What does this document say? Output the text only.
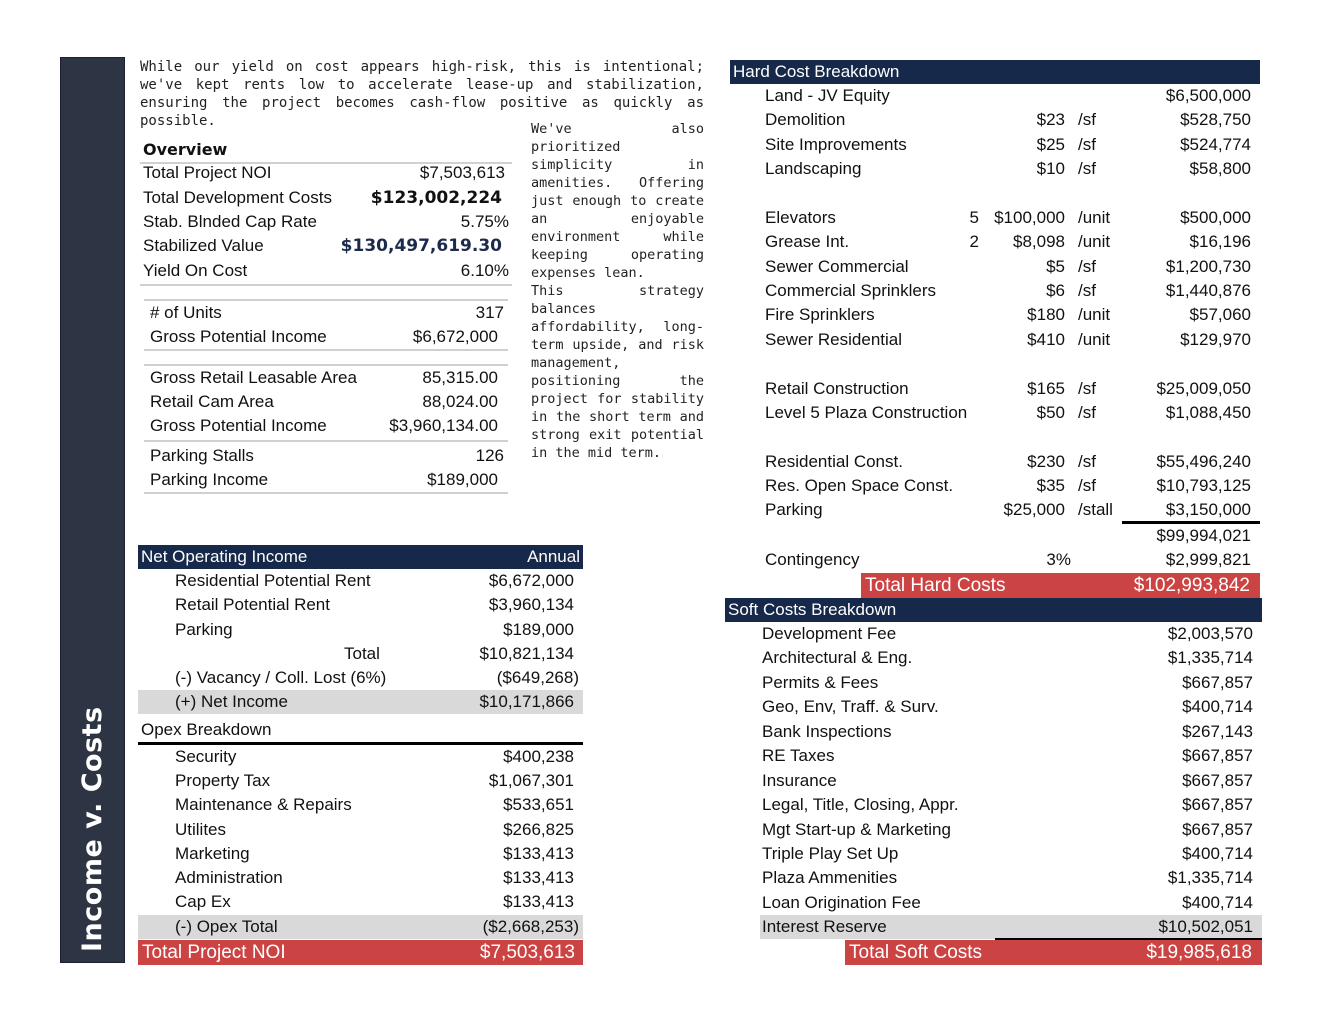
Income v. Costs
While our yield on cost appears high-risk, this is intentional; we've kept rents low to accelerate lease-up and stabilization, ensuring the project becomes cash-flow positive as quickly as possible.	We've also prioritized simplicity in amenities. Offering just enough to create an enjoyable environment while keeping operating expenses lean.
This strategy balances affordability, long-term upside, and risk management, positioning the project for stability in the short term and strong exit potential in the mid term.
Overview
Total Project NOI	$7,503,613
Total Development Costs $123,002,224
Stab. Blnded Cap Rate	5.75%
Stabilized Value	$130,497,619.30
Yield On Cost	6.10%
# of Units	317
Gross Potential Income	$6,672,000
Gross Retail Leasable Area	85,315.00
Retail Cam Area	88,024.00
Gross Potential Income	$3,960,134.00
Parking Stalls	126
Parking Income	$189,000
Net Operating Income	Annual
Residential Potential Rent	$6,672,000
Retail Potential Rent	$3,960,134
Parking	$189,000
Total	$10,821,134
(-) Vacancy / Coll. Lost (6%)	($649,268)
(+) Net Income	$10,171,866
Opex Breakdown
Security	$400,238
Property Tax	$1,067,301
Maintenance & Repairs	$533,651
Utilites	$266,825
Marketing	$133,413
Administration	$133,413
Cap Ex	$133,413
(-) Opex Total	($2,668,253)
Total Project NOI	$7,503,613
Hard Cost Breakdown
Land - JV Equity	$6,500,000
Demolition	$23 /sf	$528,750
Site Improvements	$25 /sf	$524,774
Landscaping	$10 /sf	$58,800
Elevators	5 $100,000 /unit	$500,000
Grease Int.	2 $8,098 /unit	$16,196
Sewer Commercial	$5 /sf	$1,200,730
Commercial Sprinklers	$6 /sf	$1,440,876
Fire Sprinklers	$180 /unit	$57,060
Sewer Residential	$410 /unit	$129,970
Retail Construction	$165 /sf	$25,009,050
Level 5 Plaza Construction	$50 /sf	$1,088,450
Residential Const.	$230 /sf	$55,496,240
Res. Open Space Const.	$35 /sf	$10,793,125
Parking	$25,000 /stall	$3,150,000
$99,994,021
Contingency	3%	$2,999,821
Total Hard Costs	$102,993,842
Soft Costs Breakdown
Development Fee	$2,003,570
Architectural & Eng.	$1,335,714
Permits & Fees	$667,857
Geo, Env, Traff. & Surv.	$400,714
Bank Inspections	$267,143
RE Taxes	$667,857
Insurance	$667,857
Legal, Title, Closing, Appr.	$667,857
Mgt Start-up & Marketing	$667,857
Triple Play Set Up	$400,714
Plaza Ammenities	$1,335,714
Loan Origination Fee	$400,714
Interest Reserve	$10,502,051
Total Soft Costs	$19,985,618
